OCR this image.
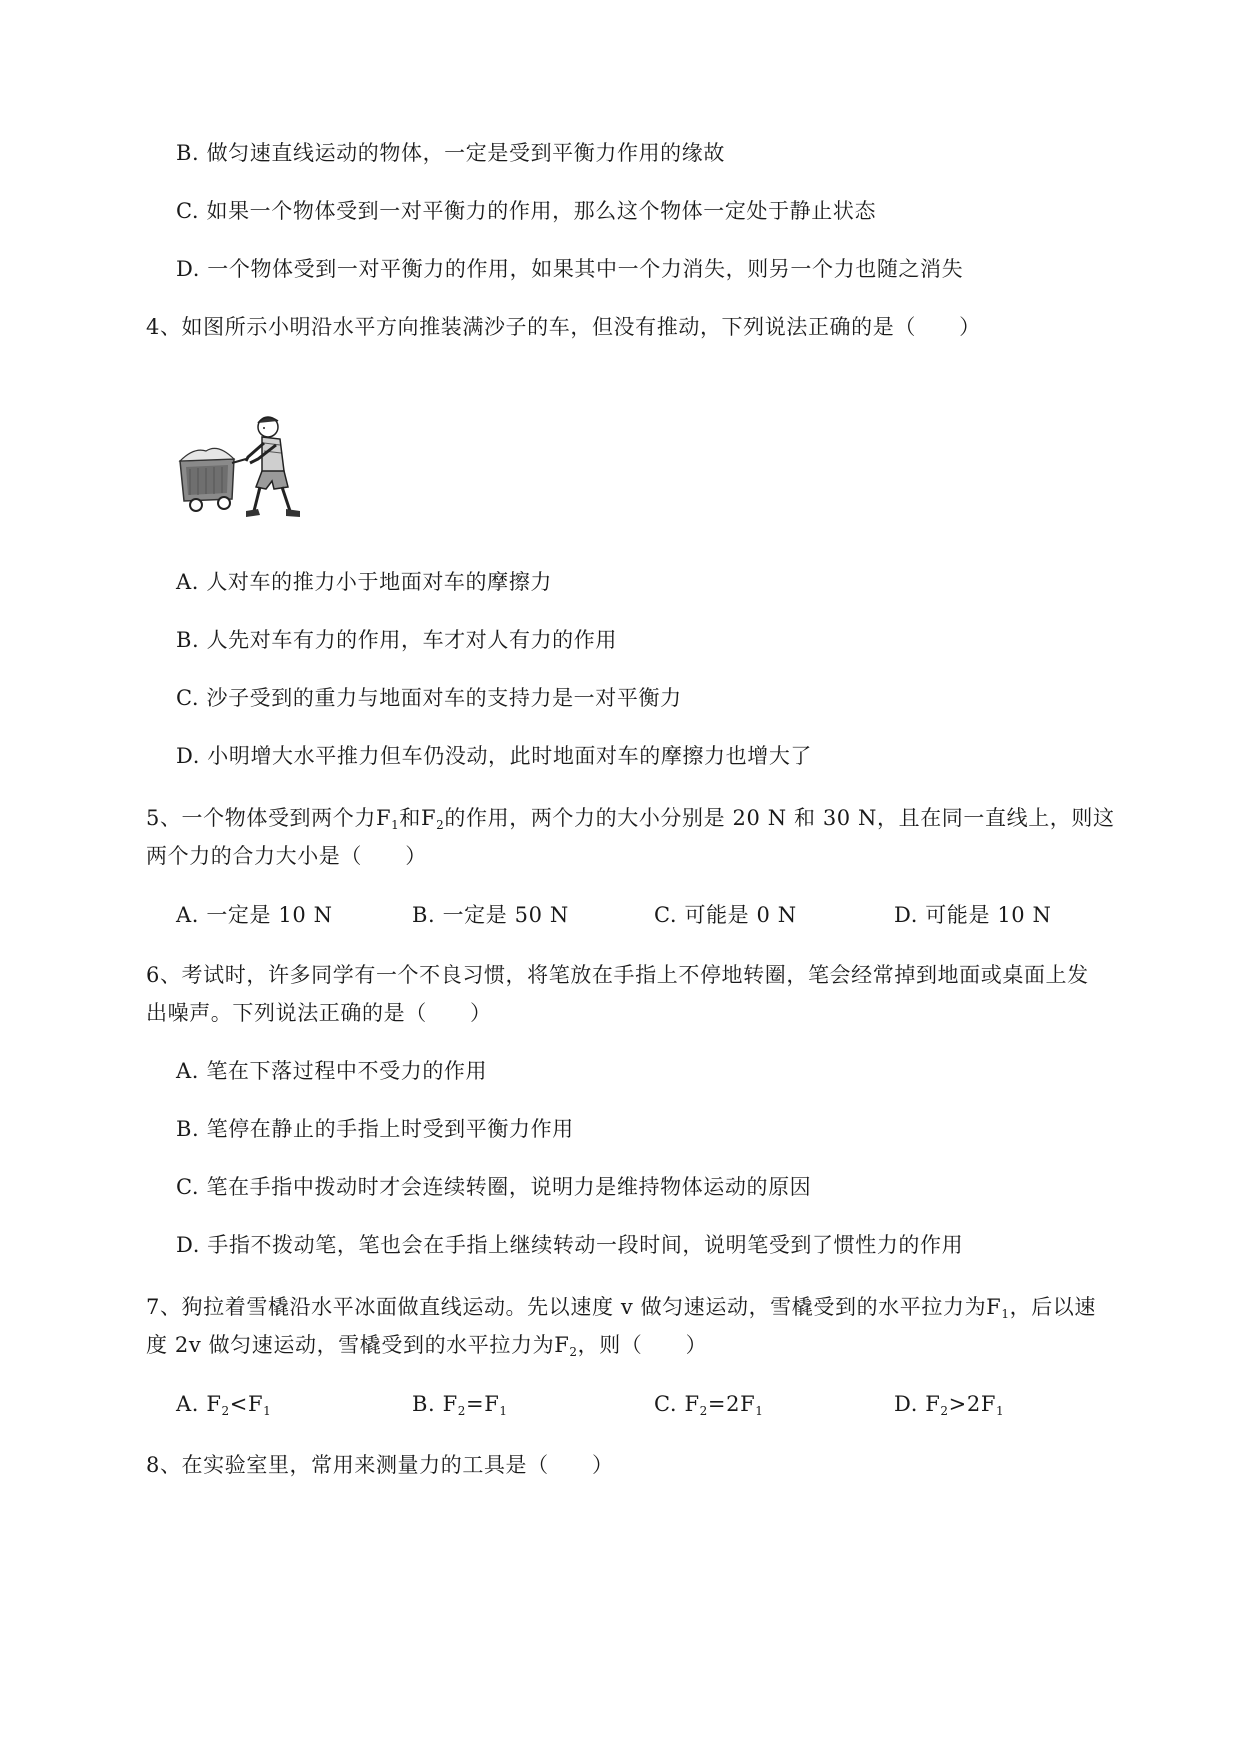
B. 做匀速直线运动的物体，一定是受到平衡力作用的缘故
C. 如果一个物体受到一对平衡力的作用，那么这个物体一定处于静止状态
D. 一个物体受到一对平衡力的作用，如果其中一个力消失，则另一个力也随之消失
4、如图所示小明沿水平方向推装满沙子的车，但没有推动，下列说法正确的是（　　）
A. 人对车的推力小于地面对车的摩擦力
B. 人先对车有力的作用，车才对人有力的作用
C. 沙子受到的重力与地面对车的支持力是一对平衡力
D. 小明增大水平推力但车仍没动，此时地面对车的摩擦力也增大了
5、一个物体受到两个力$F_1$和$F_2$的作用，两个力的大小分别是 20 N 和 30 N，且在同一直线上，则这
两个力的合力大小是（　　）
A. 一定是 10 N	B. 一定是 50 N	C. 可能是 0 N	D. 可能是 10 N
6、考试时，许多同学有一个不良习惯，将笔放在手指上不停地转圈，笔会经常掉到地面或桌面上发
出噪声。下列说法正确的是（　　）
A. 笔在下落过程中不受力的作用
B. 笔停在静止的手指上时受到平衡力作用
C. 笔在手指中拨动时才会连续转圈，说明力是维持物体运动的原因
D. 手指不拨动笔，笔也会在手指上继续转动一段时间，说明笔受到了惯性力的作用
7、狗拉着雪橇沿水平冰面做直线运动。先以速度 v 做匀速运动，雪橇受到的水平拉力为$F_1$，后以速
度 2v 做匀速运动，雪橇受到的水平拉力为$F_2$，则（　　）
A. $F_2<F_1$	B. $F_2=F_1$	C. $F_2=2F_1$	D. $F_2>2F_1$
8、在实验室里，常用来测量力的工具是（　　）
